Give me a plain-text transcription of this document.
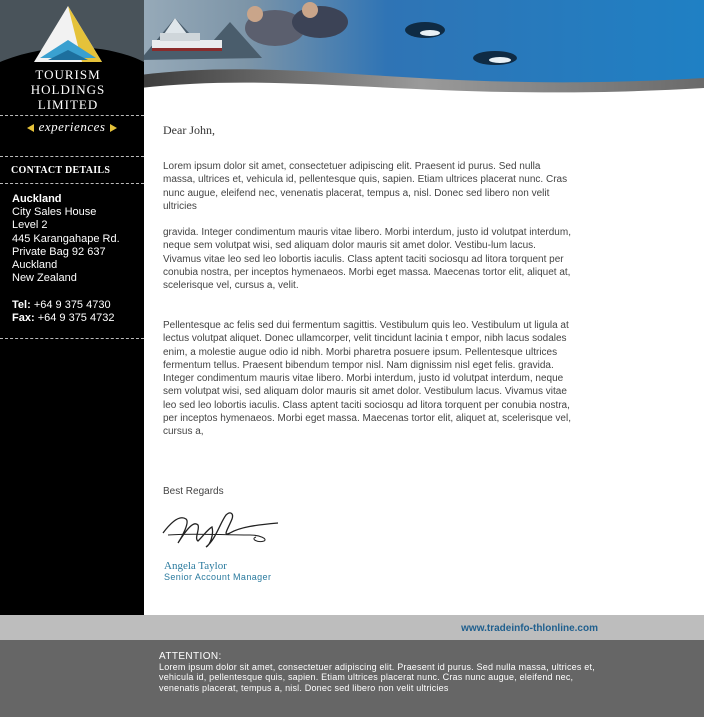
TOURISM
HOLDINGS
LIMITED
experiences
CONTACT DETAILS
Auckland
City Sales House
Level 2
445 Karangahape Rd.
Private Bag 92 637
Auckland
New Zealand
Tel: +64 9 375 4730
Fax: +64 9 375 4732
Dear John,

Lorem ipsum dolor sit amet, consectetuer adipiscing elit. Praesent id purus. Sed nulla massa, ultrices et, vehicula id, pellentesque quis, sapien. Etiam ultrices placerat nunc. Cras nunc augue, eleifend nec, venenatis placerat, tempus a, nisl. Donec sed libero non velit ultricies

gravida. Integer condimentum mauris vitae libero. Morbi interdum, justo id volutpat interdum, neque sem volutpat wisi, sed aliquam dolor mauris sit amet dolor. Vestibu-lum lacus. Vivamus vitae leo sed leo lobortis iaculis. Class aptent taciti sociosqu ad litora torquent per conubia nostra, per inceptos hymenaeos. Morbi eget massa. Maecenas tortor elit, aliquet at, scelerisque vel, cursus a, velit.

Pellentesque ac felis sed dui fermentum sagittis. Vestibulum quis leo. Vestibulum ut ligula at lectus volutpat aliquet. Donec ullamcorper, velit tincidunt lacinia t empor, nibh lacus sodales enim, a molestie augue odio id nibh. Morbi pharetra posuere ipsum. Pellentesque ultrices fermentum tellus. Praesent bibendum tempor nisl. Nam dignissim nisl eget felis. gravida. Integer condimentum mauris vitae libero. Morbi interdum, justo id volutpat interdum, neque sem volutpat wisi, sed aliquam dolor mauris sit amet dolor. Vestibulum lacus. Vivamus vitae leo sed leo lobortis iaculis. Class aptent taciti sociosqu ad litora torquent per conubia nostra, per inceptos hymenaeos. Morbi eget massa. Maecenas tortor elit, aliquet at, scelerisque vel, cursus a,

Best Regards
Angela Taylor
Senior Account Manager
www.tradeinfo-thlonline.com
ATTENTION:

Lorem ipsum dolor sit amet, consectetuer adipiscing elit. Praesent id purus. Sed nulla massa, ultrices et, vehicula id, pellentesque quis, sapien. Etiam ultrices placerat nunc. Cras nunc augue, eleifend nec, venenatis placerat, tempus a, nisl. Donec sed libero non velit ultricies
